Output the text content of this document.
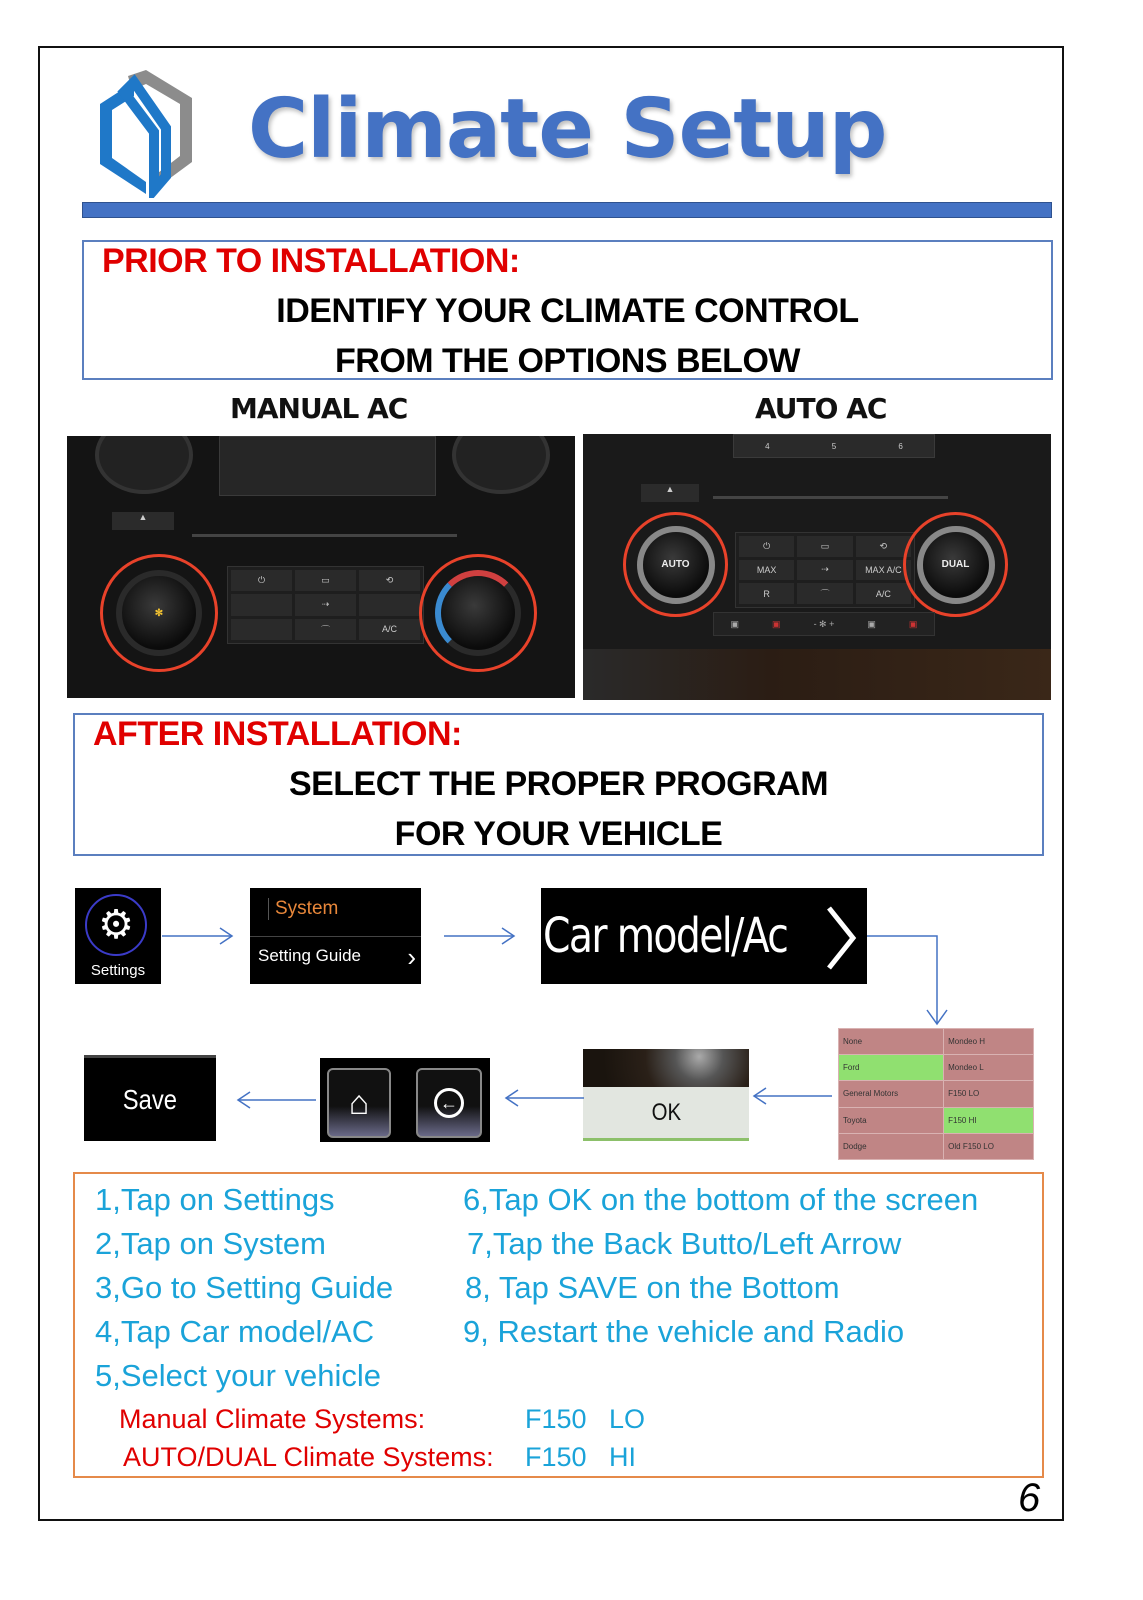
Climate Setup
PRIOR TO INSTALLATION:
IDENTIFY YOUR CLIMATE CONTROL
FROM THE OPTIONS BELOW
MANUAL AC	AUTO AC
▲
✻
⏻	▭	⟲
⇢
⌒	A/C
4	5	6
▲
AUTO
⏻	▭	⟲
MAX	⇢	MAX A/C
R	⌒	A/C
DUAL
▣	▣	- ✻ +	▣	▣
AFTER INSTALLATION:
SELECT THE PROPER PROGRAM
FOR YOUR VEHICLE
⚙
Settings
System
Setting Guide ›	Car model/Ac
None	Mondeo H
Ford	Mondeo L
General Motors	F150 LO
Toyota	F150 HI
Dodge	Old F150 LO
OK
⌂	←
Save
1,Tap on Settings
2,Tap on System
3,Go to Setting Guide
4,Tap Car model/AC
5,Select your vehicle
6,Tap OK on the bottom of the screen
7,Tap the Back Butto/Left Arrow
8, Tap SAVE on the Bottom
9, Restart the vehicle and Radio
Manual Climate Systems:	F150   LO
AUTO/DUAL Climate Systems: F150   HI
6
